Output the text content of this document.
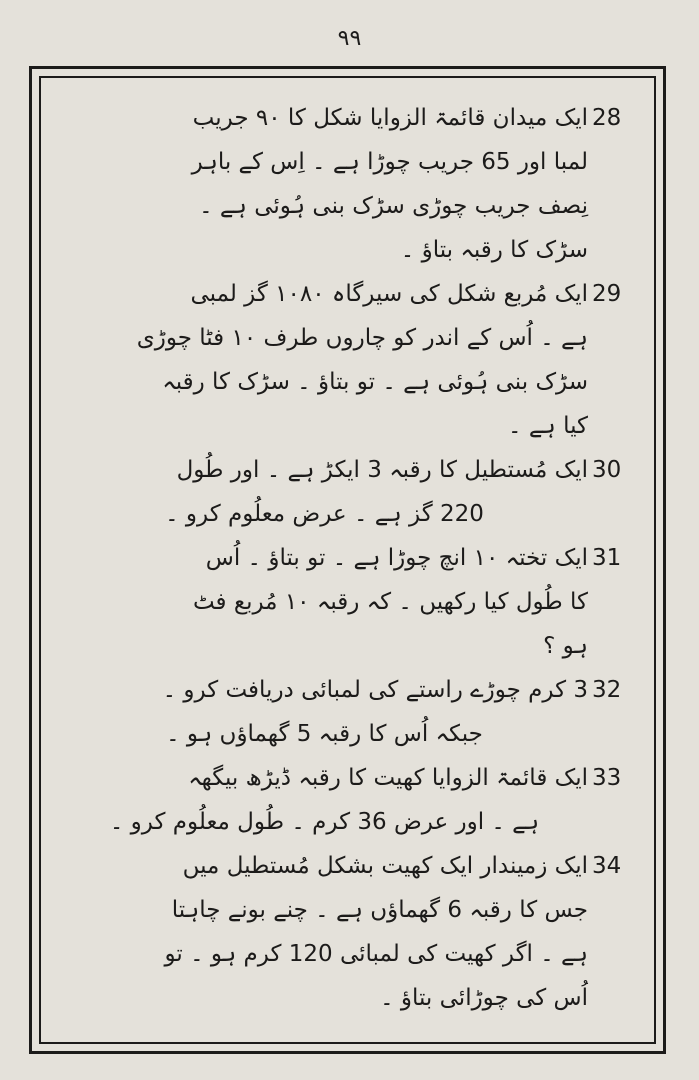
۹۹
28
ایک میدان قائمۃ الزوایا شکل کا ۹۰ جریب
لمبا اور 65 جریب چوڑا ہے ۔ اِس کے باہر
نِصف جریب چوڑی سڑک بنی ہُوئی ہے ۔
سڑک کا رقبہ بتاؤ ۔
29
ایک مُربع شکل کی سیرگاہ ۱۰۸۰ گز لمبی
ہے ۔ اُس کے اندر کو چاروں طرف ۱۰ فٹا چوڑی
سڑک بنی ہُوئی ہے ۔ تو بتاؤ ۔ سڑک کا رقبہ
کیا ہے ۔
30
ایک مُستطیل کا رقبہ 3 ایکڑ ہے ۔ اور طُول
220 گز ہے ۔ عرض معلُوم کرو ۔
31
ایک تختہ ۱۰ انچ چوڑا ہے ۔ تو بتاؤ ۔ اُس
کا طُول کیا رکھیں ۔ کہ رقبہ ۱۰ مُربع فٹ
ہو ؟
32
3 کرم چوڑے راستے کی لمبائی دریافت کرو ۔
جبکہ اُس کا رقبہ 5 گھماؤں ہو ۔
33
ایک قائمۃ الزوایا کھیت کا رقبہ ڈیڑھ بیگھہ
ہے ۔ اور عرض 36 کرم ۔ طُول معلُوم کرو ۔
34
ایک زمیندار ایک کھیت بشکل مُستطیل میں
جس کا رقبہ 6 گھماؤں ہے ۔ چنے بونے چاہتا
ہے ۔ اگر کھیت کی لمبائی 120 کرم ہو ۔ تو
اُس کی چوڑائی بتاؤ ۔
